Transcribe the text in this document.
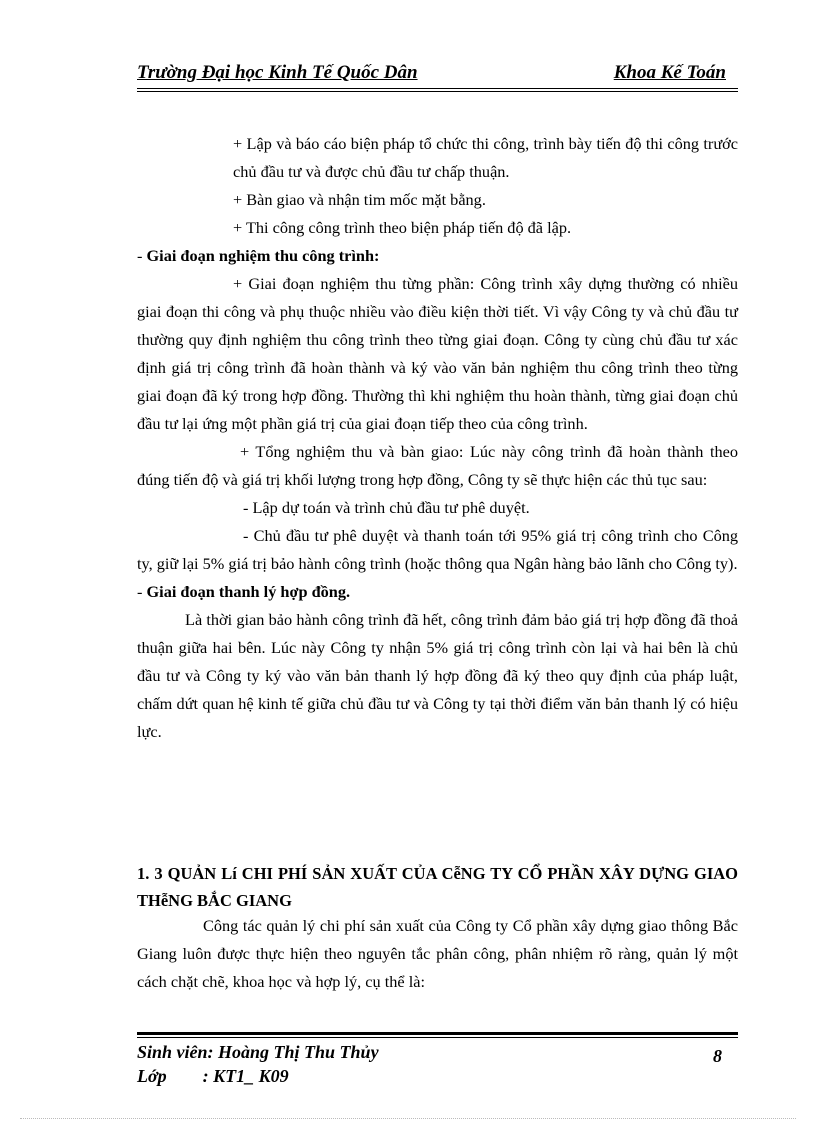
Trường Đại học Kinh Tế Quốc Dân	Khoa Kế Toán

+ Lập và báo cáo biện pháp tổ chức thi công, trình bày tiến độ thi công trước chủ đầu tư và được chủ đầu tư chấp thuận.

+ Bàn giao và nhận tim mốc mặt bằng.

+ Thi công công trình theo biện pháp tiến độ đã lập.

- Giai đoạn nghiệm thu công trình:

+ Giai đoạn nghiệm thu từng phần: Công trình xây dựng thường có nhiều giai đoạn thi công và phụ thuộc nhiều vào điều kiện thời tiết. Vì vậy Công ty và chủ đầu tư thường quy định nghiệm thu công trình theo từng giai đoạn. Công ty cùng chủ đầu tư xác định giá trị công trình đã hoàn thành và ký vào văn bản nghiệm thu công trình theo từng giai đoạn đã ký trong hợp đồng. Thường thì khi nghiệm thu hoàn thành, từng giai đoạn chủ đầu tư lại ứng một phần giá trị của giai đoạn tiếp theo của công trình.

+ Tổng nghiệm thu và bàn giao: Lúc này công trình đã hoàn thành theo đúng tiến độ và giá trị khối lượng trong hợp đồng, Công ty sẽ thực hiện các thủ tục sau:

- Lập dự toán và trình chủ đầu tư phê duyệt.

- Chủ đầu tư phê duyệt và thanh toán tới 95% giá trị công trình cho Công ty, giữ lại 5% giá trị bảo hành công trình (hoặc thông qua Ngân hàng bảo lãnh cho Công ty).

- Giai đoạn thanh lý hợp đồng.

Là thời gian bảo hành công trình đã hết, công trình đảm bảo giá trị hợp đồng đã thoả thuận giữa hai bên. Lúc này Công ty nhận 5% giá trị công trình còn lại và hai bên là chủ đầu tư và Công ty ký vào văn bản thanh lý hợp đồng đã ký theo quy định của pháp luật, chấm dứt quan hệ kinh tế giữa chủ đầu tư và Công ty tại thời điểm văn bản thanh lý có hiệu lực.

1. 3 QUẢN Lí CHI PHÍ SẢN XUẤT CỦA CễNG TY CỔ PHẦN XÂY DỰNG GIAO THễNG BẮC GIANG

Công tác quản lý chi phí sản xuất của Công ty Cổ phần xây dựng giao thông Bắc Giang luôn được thực hiện theo nguyên tắc phân công, phân nhiệm rõ ràng, quản lý một cách chặt chẽ, khoa học và hợp lý, cụ thể là:

Sinh viên: Hoàng Thị Thu Thủy
Lớp        : KT1_ K09
8
